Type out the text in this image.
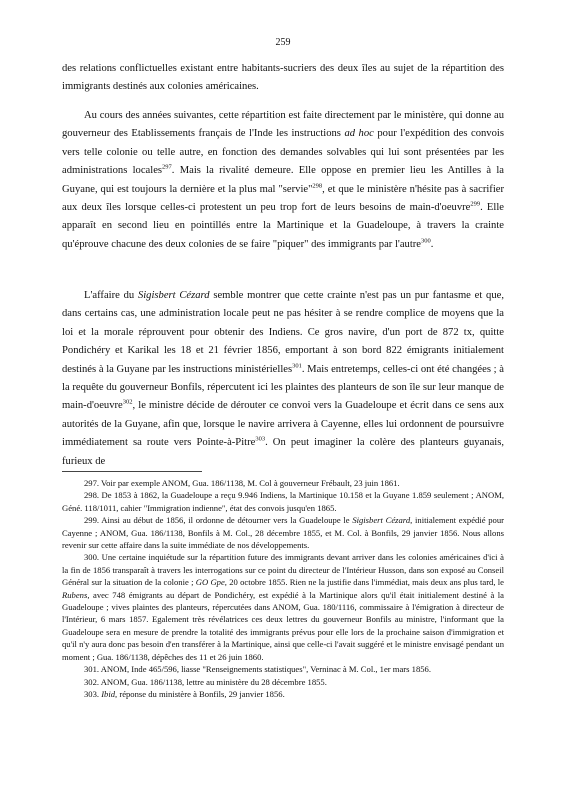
259

des relations conflictuelles existant entre habitants-sucriers des deux îles au sujet de la répartition des immigrants destinés aux colonies américaines.

Au cours des années suivantes, cette répartition est faite directement par le ministère, qui donne au gouverneur des Etablissements français de l'Inde les instructions ad hoc pour l'expédition des convois vers telle colonie ou telle autre, en fonction des demandes solvables qui lui sont présentées par les administrations locales$^{297}$. Mais la rivalité demeure. Elle oppose en premier lieu les Antilles à la Guyane, qui est toujours la dernière et la plus mal "servie"$^{298}$, et que le ministère n'hésite pas à sacrifier aux deux îles lorsque celles-ci protestent un peu trop fort de leurs besoins de main-d'oeuvre$^{299}$. Elle apparaît en second lieu en pointillés entre la Martinique et la Guadeloupe, à travers la crainte qu'éprouve chacune des deux colonies de se faire "piquer" des immigrants par l'autre$^{300}$.

L'affaire du Sigisbert Cézard semble montrer que cette crainte n'est pas un pur fantasme et que, dans certains cas, une administration locale peut ne pas hésiter à se rendre complice de moyens que la loi et la morale réprouvent pour obtenir des Indiens. Ce gros navire, d'un port de 872 tx, quitte Pondichéry et Karikal les 18 et 21 février 1856, emportant à son bord 822 émigrants initialement destinés à la Guyane par les instructions ministérielles$^{301}$. Mais entretemps, celles-ci ont été changées ; à la requête du gouverneur Bonfils, répercutent ici les plaintes des planteurs de son île sur leur manque de main-d'oeuvre$^{302}$, le ministre décide de dérouter ce convoi vers la Guadeloupe et écrit dans ce sens aux autorités de la Guyane, afin que, lorsque le navire arrivera à Cayenne, elles lui ordonnent de poursuivre immédiatement sa route vers Pointe-à-Pitre$^{303}$. On peut imaginer la colère des planteurs guyanais, furieux de

297. Voir par exemple ANOM, Gua. 186/1138, M. Col à gouverneur Frébault, 23 juin 1861.

298. De 1853 à 1862, la Guadeloupe a reçu 9.946 Indiens, la Martinique 10.158 et la Guyane 1.859 seulement ; ANOM, Géné. 118/1011, cahier "Immigration indienne", état des convois jusqu'en 1865.

299. Ainsi au début de 1856, il ordonne de détourner vers la Guadeloupe le Sigisbert Cézard, initialement expédié pour Cayenne ; ANOM, Gua. 186/1138, Bonfils à M. Col., 28 décembre 1855, et M. Col. à Bonfils, 29 janvier 1856. Nous allons revenir sur cette affaire dans la suite immédiate de nos développements.

300. Une certaine inquiétude sur la répartition future des immigrants devant arriver dans les colonies américaines d'ici à la fin de 1856 transparaît à travers les interrogations sur ce point du directeur de l'Intérieur Husson, dans son exposé au Conseil Général sur la situation de la colonie ; GO Gpe, 20 octobre 1855. Rien ne la justifie dans l'immédiat, mais deux ans plus tard, le Rubens, avec 748 émigrants au départ de Pondichéry, est expédié à la Martinique alors qu'il était initialement destiné à la Guadeloupe ; vives plaintes des planteurs, répercutées dans ANOM, Gua. 180/1116, commissaire à l'émigration à directeur de l'Intérieur, 6 mars 1857. Egalement très révélatrices ces deux lettres du gouverneur Bonfils au ministre, l'informant que la Guadeloupe sera en mesure de prendre la totalité des immigrants prévus pour elle lors de la prochaine saison d'immigration et qu'il n'y aura donc pas besoin d'en transférer à la Martinique, ainsi que celle-ci l'avait suggéré et le ministre envisagé pendant un moment ; Gua. 186/1138, dépêches des 11 et 26 juin 1860.

301. ANOM, Inde 465/596, liasse "Renseignements statistiques", Verninac à M. Col., 1er mars 1856.

302. ANOM, Gua. 186/1138, lettre au ministère du 28 décembre 1855.

303. Ibid, réponse du ministère à Bonfils, 29 janvier 1856.
